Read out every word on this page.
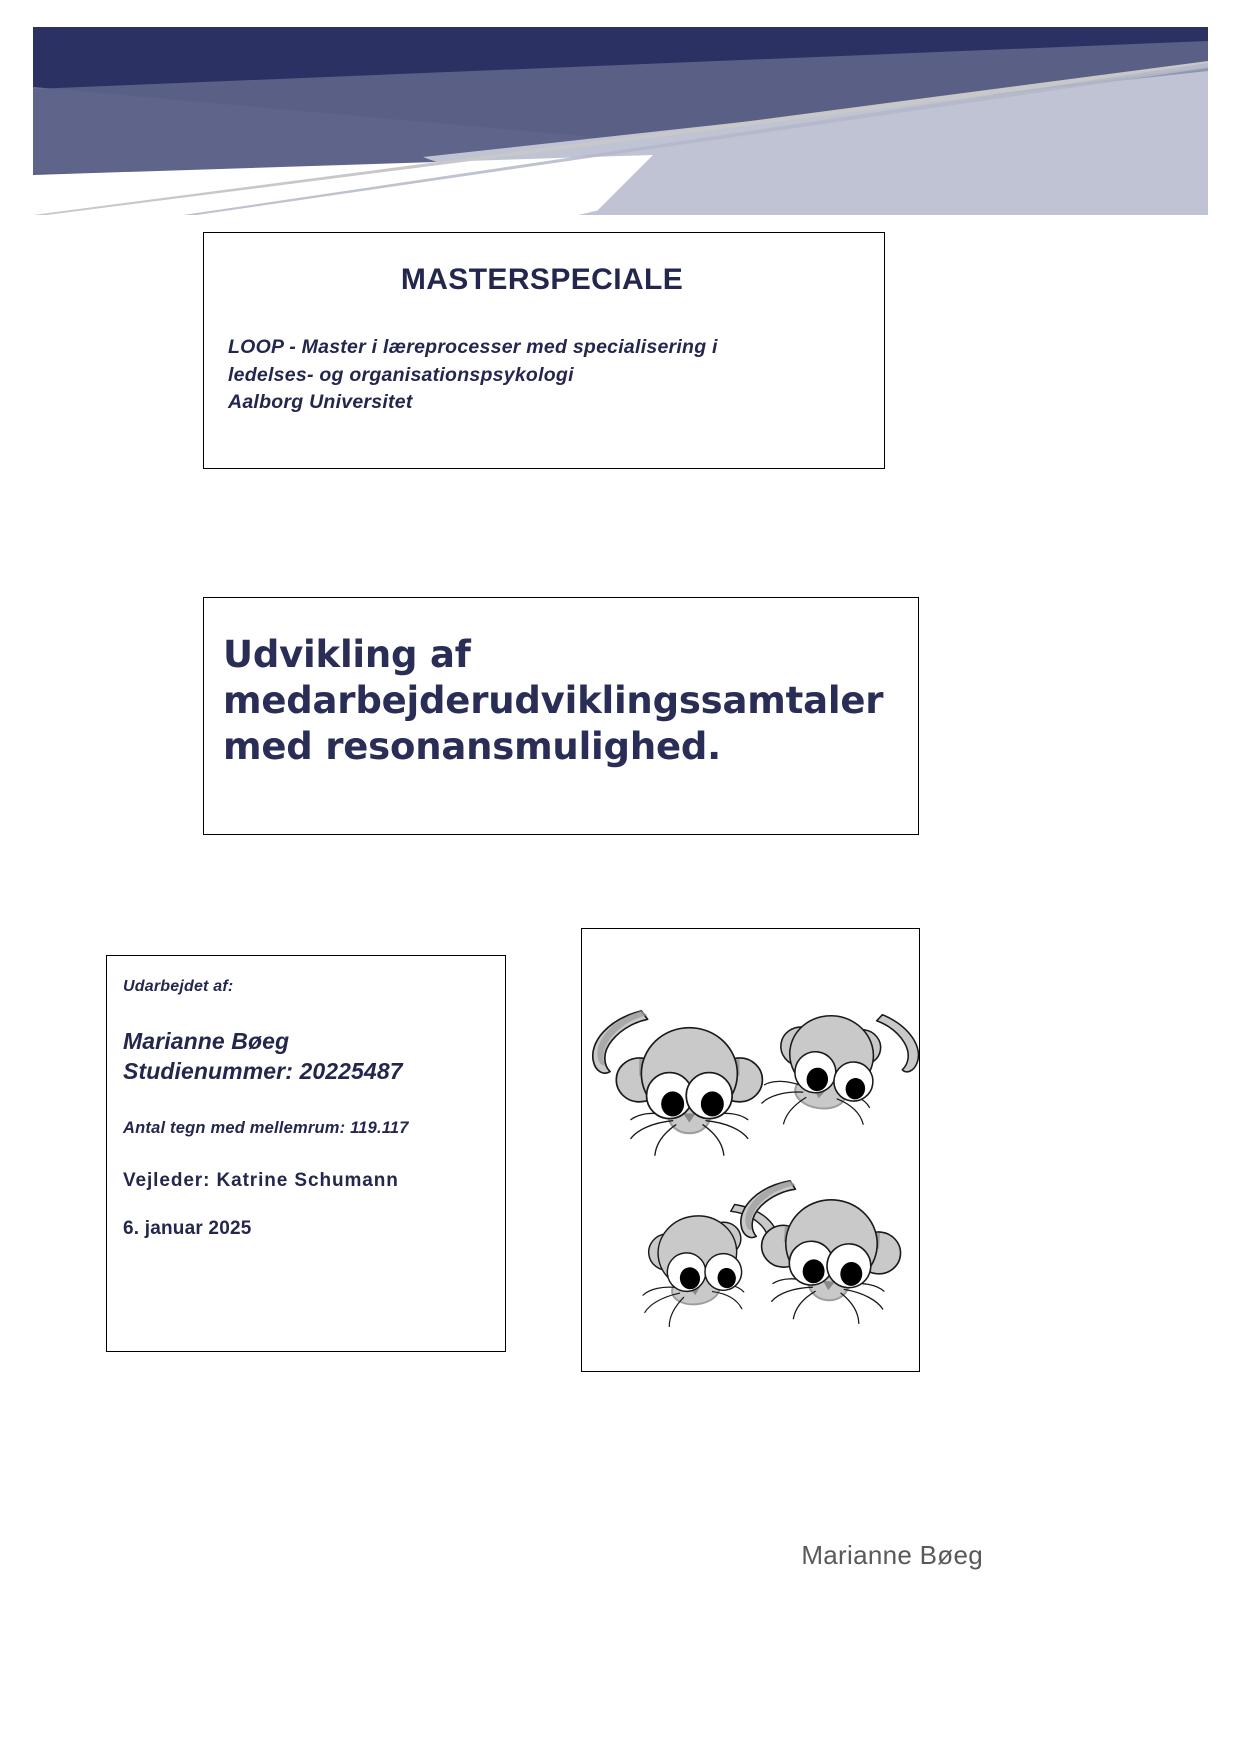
MASTERSPECIALE
LOOP - Master i læreprocesser med specialisering i
ledelses- og organisationspsykologi
Aalborg Universitet
Udvikling af
medarbejderudviklingssamtaler
med resonansmulighed.
Udarbejdet af:
Marianne Bøeg
Studienummer: 20225487
Antal tegn med mellemrum: 119.117
Vejleder: Katrine Schumann
6. januar 2025
Marianne Bøeg
